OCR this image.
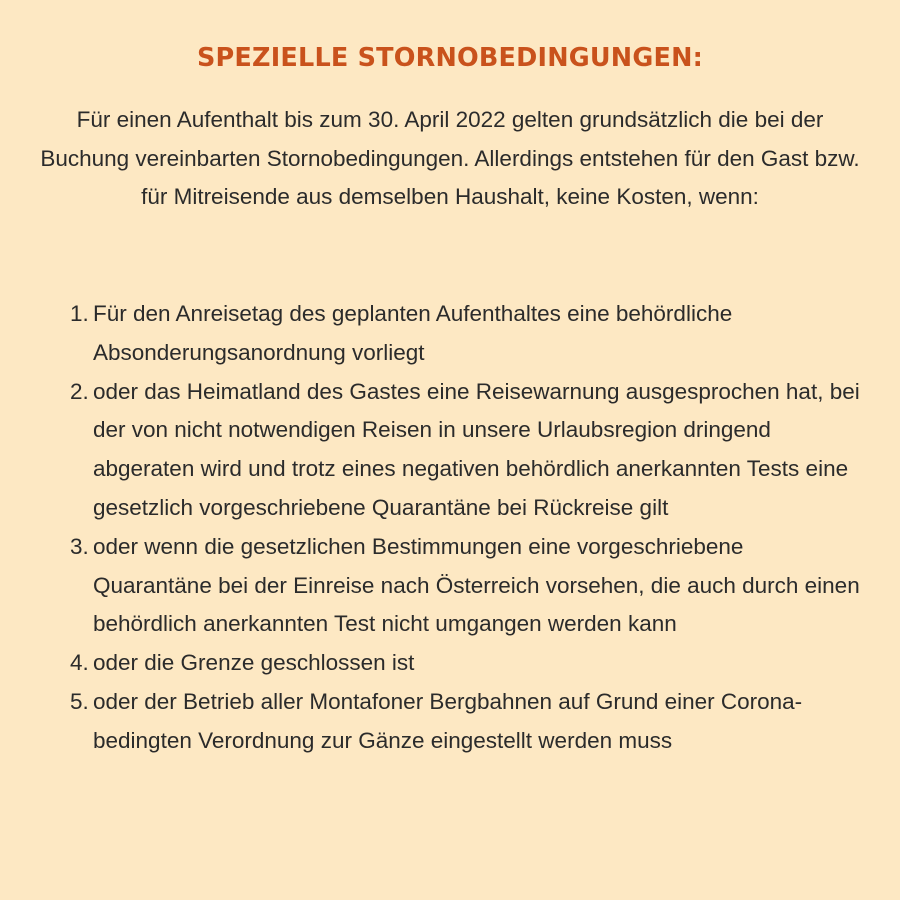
SPEZIELLE STORNOBEDINGUNGEN:

Für einen Aufenthalt bis zum 30. April 2022 gelten grundsätzlich die bei der Buchung vereinbarten Stornobedingungen. Allerdings entstehen für den Gast bzw. für Mitreisende aus demselben Haushalt, keine Kosten, wenn:

1. Für den Anreisetag des geplanten Aufenthaltes eine behördliche Absonderungsanordnung vorliegt
2. oder das Heimatland des Gastes eine Reisewarnung ausgesprochen hat, bei der von nicht notwendigen Reisen in unsere Urlaubsregion dringend abgeraten wird und trotz eines negativen behördlich anerkannten Tests eine gesetzlich vorgeschriebene Quarantäne bei Rückreise gilt
3. oder wenn die gesetzlichen Bestimmungen eine vorgeschriebene Quarantäne bei der Einreise nach Österreich vorsehen, die auch durch einen behördlich anerkannten Test nicht umgangen werden kann
4. oder die Grenze geschlossen ist
5. oder der Betrieb aller Montafoner Bergbahnen auf Grund einer Corona-bedingten Verordnung zur Gänze eingestellt werden muss
